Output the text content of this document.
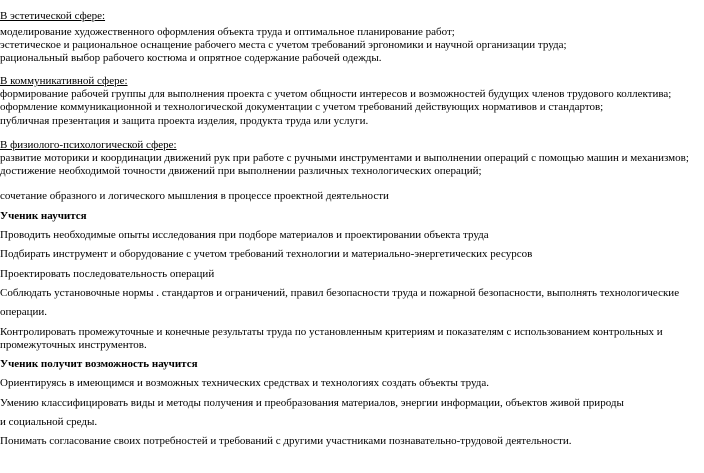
В эстетической сфере:
моделирование художественного оформления объекта труда и оптимальное планирование работ;
эстетическое и рациональное оснащение рабочего места с учетом требований эргономики и научной организации труда;
рациональный выбор рабочего костюма и опрятное содержание рабочей одежды.
В коммуникативной сфере:
формирование рабочей группы для выполнения проекта с учетом общности интересов и возможностей будущих членов трудового коллектива;
оформление коммуникационной и технологической документации с учетом требований действующих нормативов и стандартов;
публичная презентация и защита проекта изделия, продукта труда или услуги.
В физиолого-психологической сфере:
развитие моторики и координации движений рук при работе с ручными инструментами и выполнении операций с помощью машин и механизмов;
достижение необходимой точности движений при выполнении различных технологических операций;
сочетание образного и логического мышления в процессе проектной деятельности
Ученик научится
Проводить необходимые опыты исследования при подборе материалов и проектировании объекта труда
Подбирать инструмент и оборудование с учетом требований технологии и материально-энергетических ресурсов
Проектировать последовательность операций
Соблюдать установочные нормы . стандартов и ограничений, правил безопасности труда и пожарной безопасности, выполнять технологические
операции.
Контролировать промежуточные и конечные результаты труда по установленным критериям и показателям с использованием контрольных и
промежуточных инструментов.
Ученик получит возможность научится
Ориентируясь в имеющимся и возможных технических средствах и технологиях создать объекты труда.
Умению классифицировать виды и методы получения и преобразования материалов, энергии информации, объектов живой природы
и социальной среды.
Понимать согласование своих потребностей и требований с другими участниками познавательно-трудовой деятельности.
